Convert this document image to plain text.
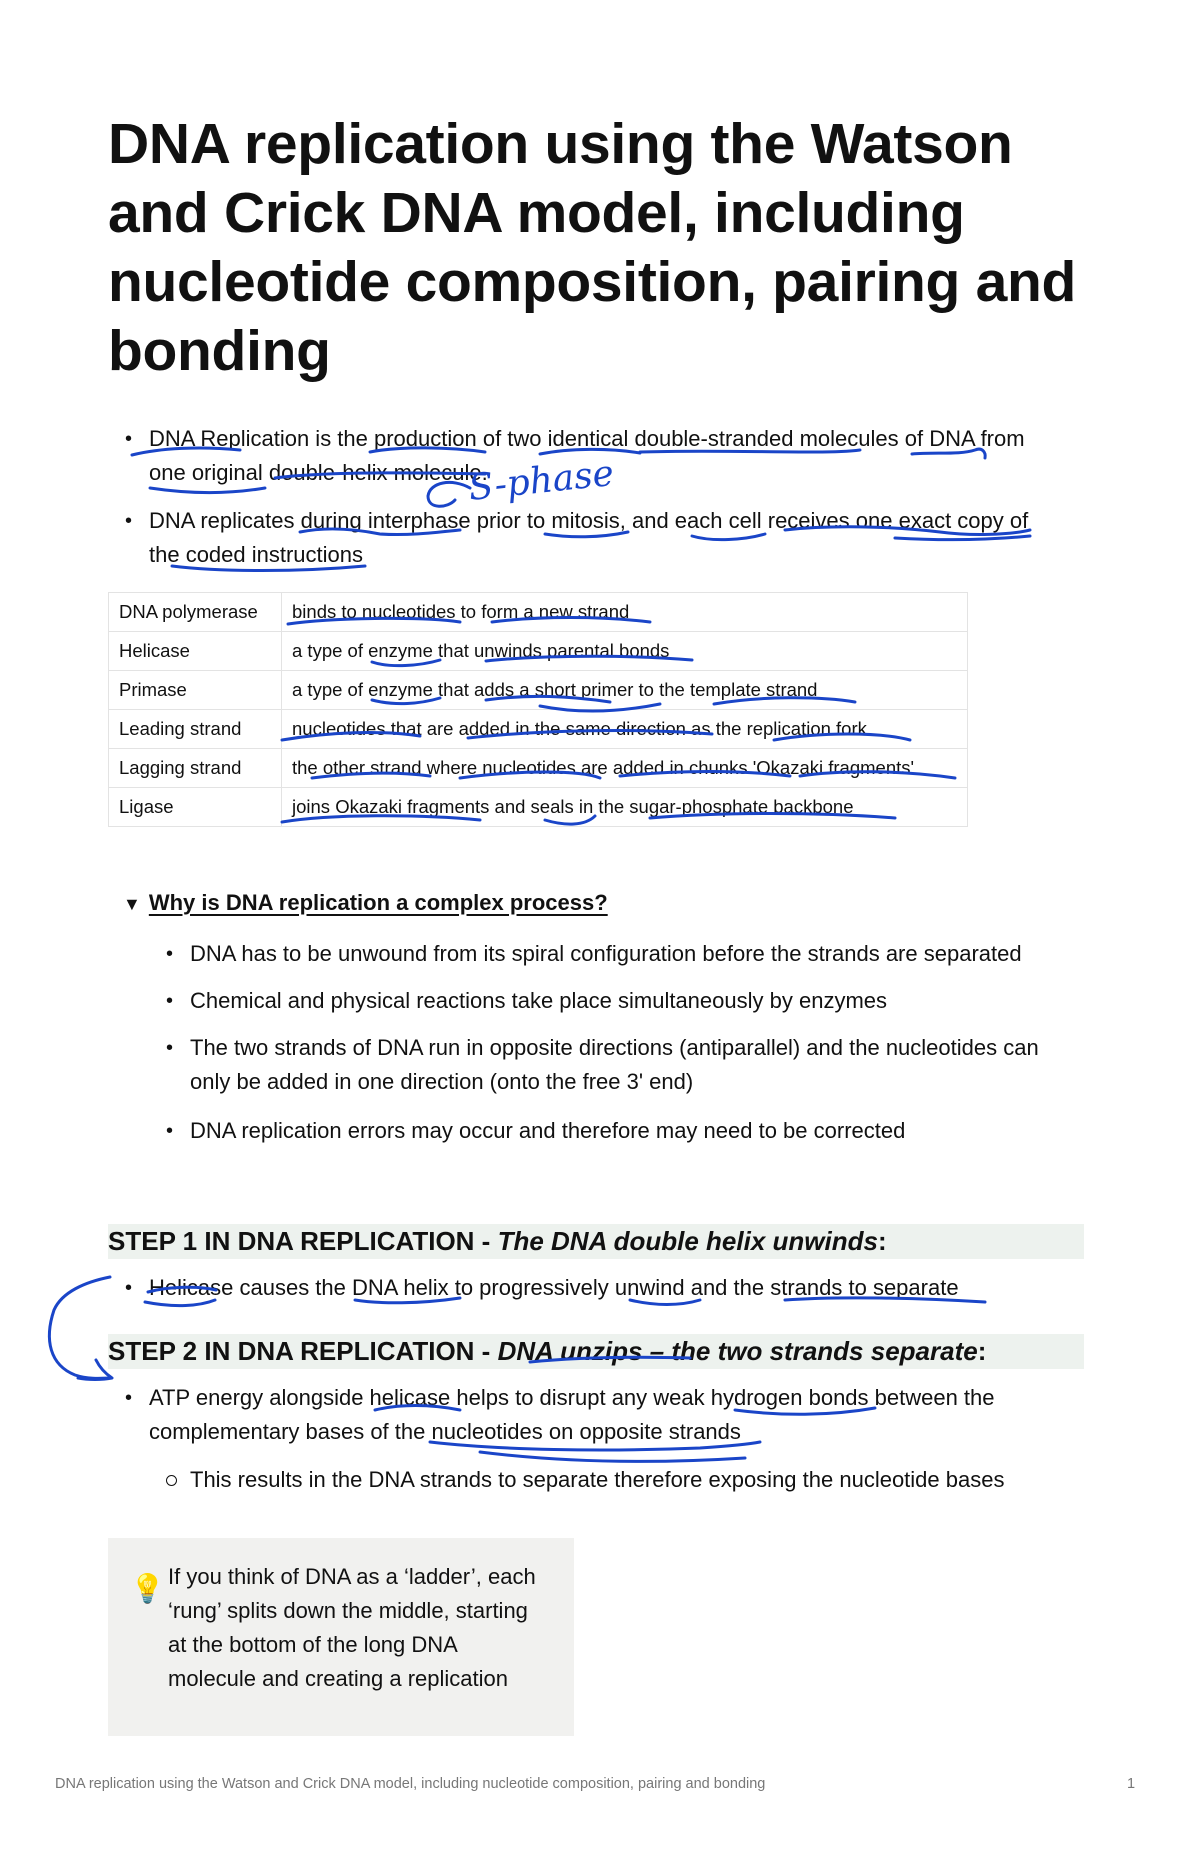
DNA replication using the Watson and Crick DNA model, including nucleotide composition, pairing and bonding
• DNA Replication is the production of two identical double-stranded molecules of DNA from one original double-helix molecule.
• DNA replicates during interphase prior to mitosis, and each cell receives one exact copy of the coded instructions
DNA polymerase	binds to nucleotides to form a new strand
Helicase	a type of enzyme that unwinds parental bonds
Primase	a type of enzyme that adds a short primer to the template strand
Leading strand	nucleotides that are added in the same direction as the replication fork
Lagging strand	the other strand where nucleotides are added in chunks 'Okazaki fragments'
Ligase	joins Okazaki fragments and seals in the sugar-phosphate backbone
▼ Why is DNA replication a complex process?
• DNA has to be unwound from its spiral configuration before the strands are separated
• Chemical and physical reactions take place simultaneously by enzymes
• The two strands of DNA run in opposite directions (antiparallel) and the nucleotides can only be added in one direction (onto the free 3' end)
• DNA replication errors may occur and therefore may need to be corrected
STEP 1 IN DNA REPLICATION - The DNA double helix unwinds:
• Helicase causes the DNA helix to progressively unwind and the strands to separate
STEP 2 IN DNA REPLICATION - DNA unzips – the two strands separate:
• ATP energy alongside helicase helps to disrupt any weak hydrogen bonds between the complementary bases of the nucleotides on opposite strands
This results in the DNA strands to separate therefore exposing the nucleotide bases
💡 If you think of DNA as a ‘ladder’, each ‘rung’ splits down the middle, starting at the bottom of the long DNA molecule and creating a replication
DNA replication using the Watson and Crick DNA model, including nucleotide composition, pairing and bonding	1
S-phase
